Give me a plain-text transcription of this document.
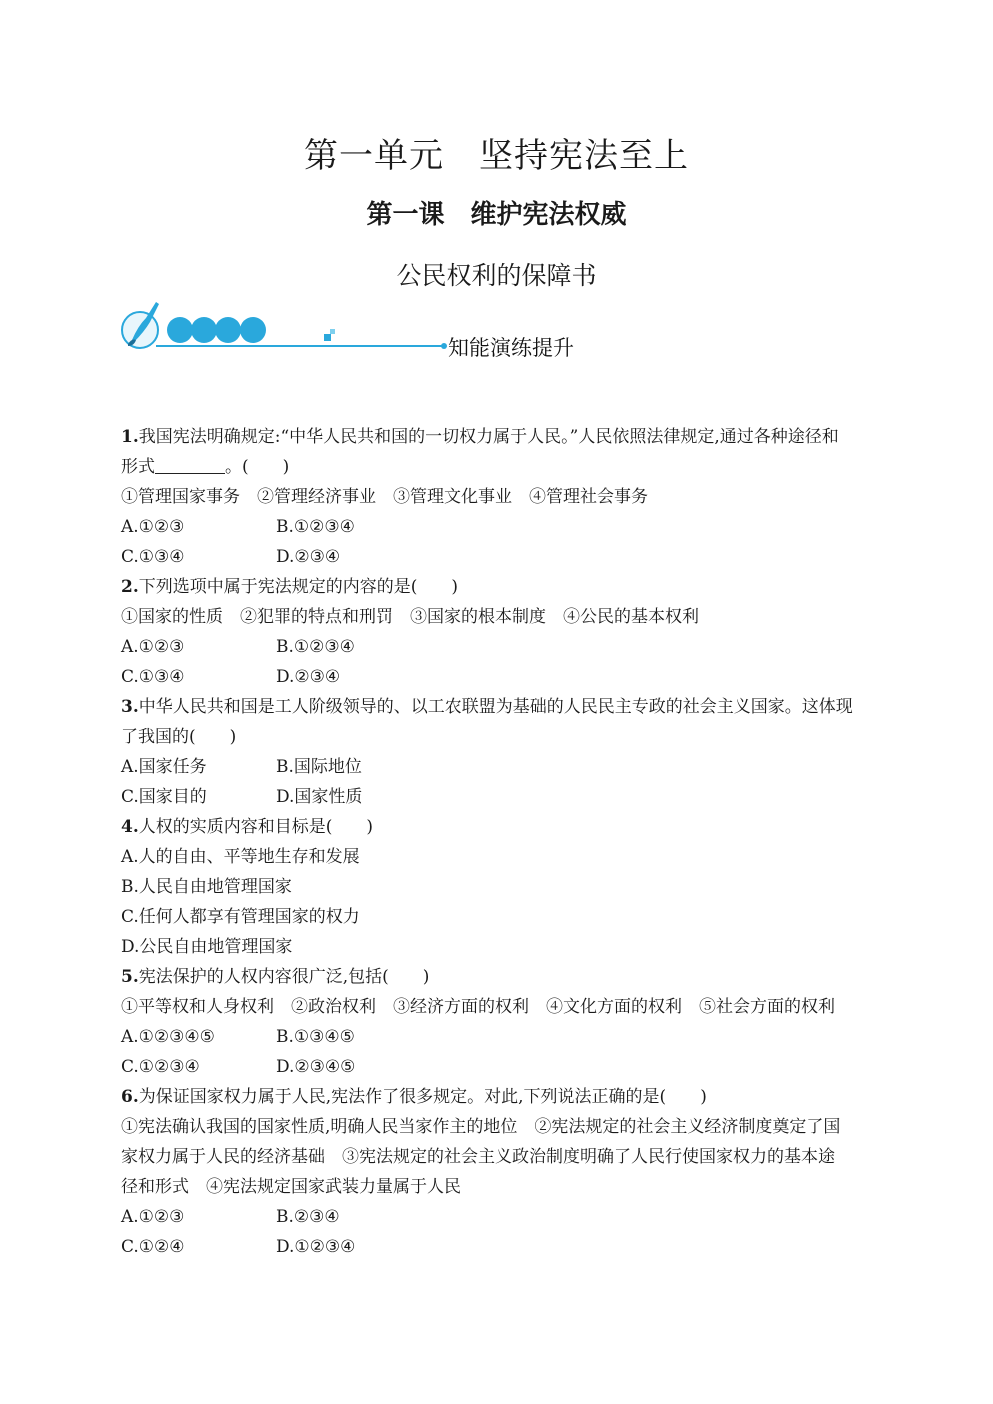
第一单元　坚持宪法至上
第一课　维护宪法权威
公民权利的保障书
知能演练提升
1.我国宪法明确规定:“中华人民共和国的一切权力属于人民。”人民依照法律规定,通过各种途径和
形式	。(　　)
①管理国家事务　②管理经济事业　③管理文化事业　④管理社会事务
A.①②③	B.①②③④
C.①③④	D.②③④
2.下列选项中属于宪法规定的内容的是(　　)
①国家的性质　②犯罪的特点和刑罚　③国家的根本制度　④公民的基本权利
A.①②③	B.①②③④
C.①③④	D.②③④
3.中华人民共和国是工人阶级领导的、以工农联盟为基础的人民民主专政的社会主义国家。这体现
了我国的(　　)
A.国家任务	B.国际地位
C.国家目的	D.国家性质
4.人权的实质内容和目标是(　　)
A.人的自由、平等地生存和发展
B.人民自由地管理国家
C.任何人都享有管理国家的权力
D.公民自由地管理国家
5.宪法保护的人权内容很广泛,包括(　　)
①平等权和人身权利　②政治权利　③经济方面的权利　④文化方面的权利　⑤社会方面的权利
A.①②③④⑤	B.①③④⑤
C.①②③④	D.②③④⑤
6.为保证国家权力属于人民,宪法作了很多规定。对此,下列说法正确的是(　　)
①宪法确认我国的国家性质,明确人民当家作主的地位　②宪法规定的社会主义经济制度奠定了国
家权力属于人民的经济基础　③宪法规定的社会主义政治制度明确了人民行使国家权力的基本途
径和形式　④宪法规定国家武装力量属于人民
A.①②③	B.②③④
C.①②④	D.①②③④
